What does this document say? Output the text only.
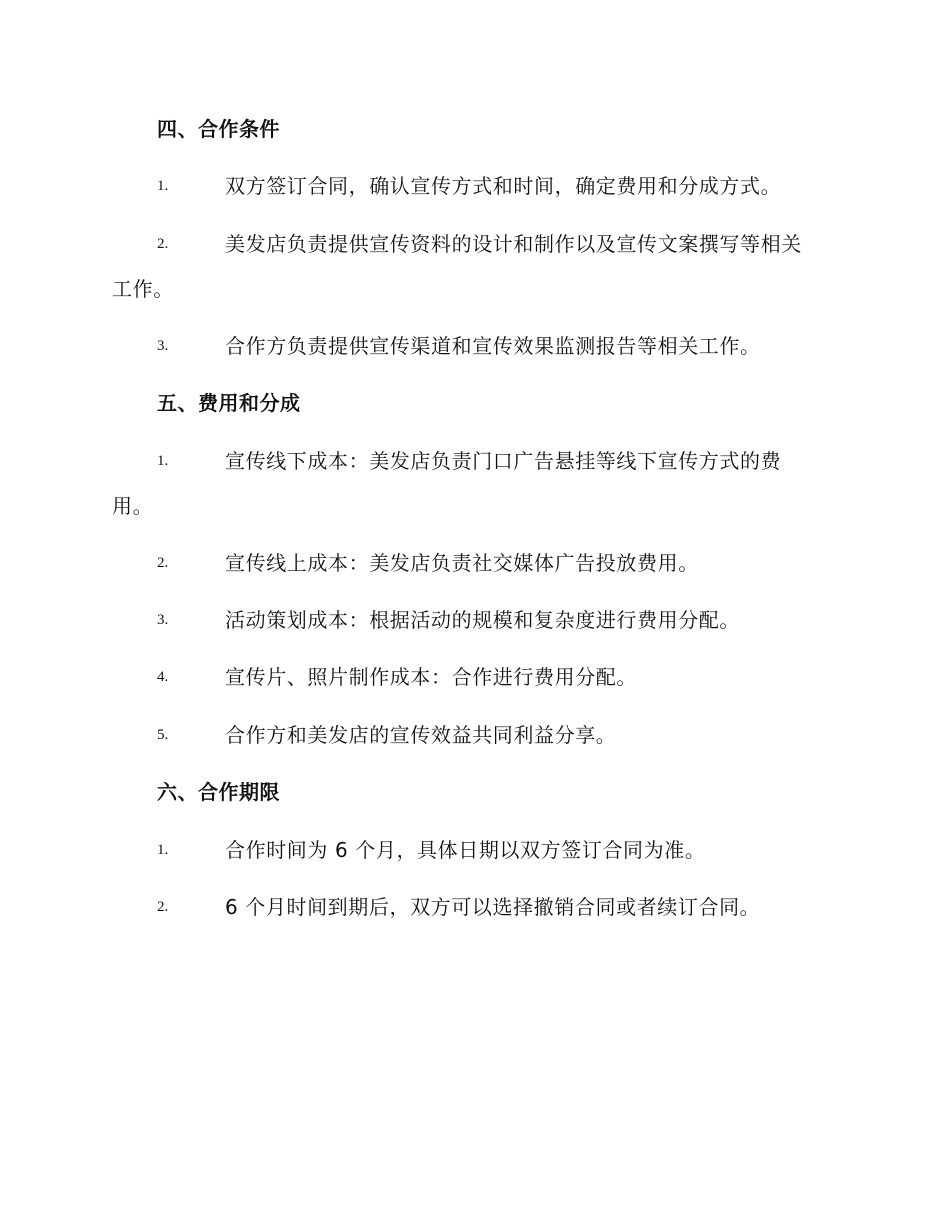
四、合作条件
1.	双方签订合同，确认宣传方式和时间，确定费用和分成方式。
2.	美发店负责提供宣传资料的设计和制作以及宣传文案撰写等相关
工作。
3.	合作方负责提供宣传渠道和宣传效果监测报告等相关工作。
五、费用和分成
1.	宣传线下成本：美发店负责门口广告悬挂等线下宣传方式的费
用。
2.	宣传线上成本：美发店负责社交媒体广告投放费用。
3.	活动策划成本：根据活动的规模和复杂度进行费用分配。
4.	宣传片、照片制作成本：合作进行费用分配。
5.	合作方和美发店的宣传效益共同利益分享。
六、合作期限
1.	合作时间为 6 个月，具体日期以双方签订合同为准。
2.	6 个月时间到期后，双方可以选择撤销合同或者续订合同。
